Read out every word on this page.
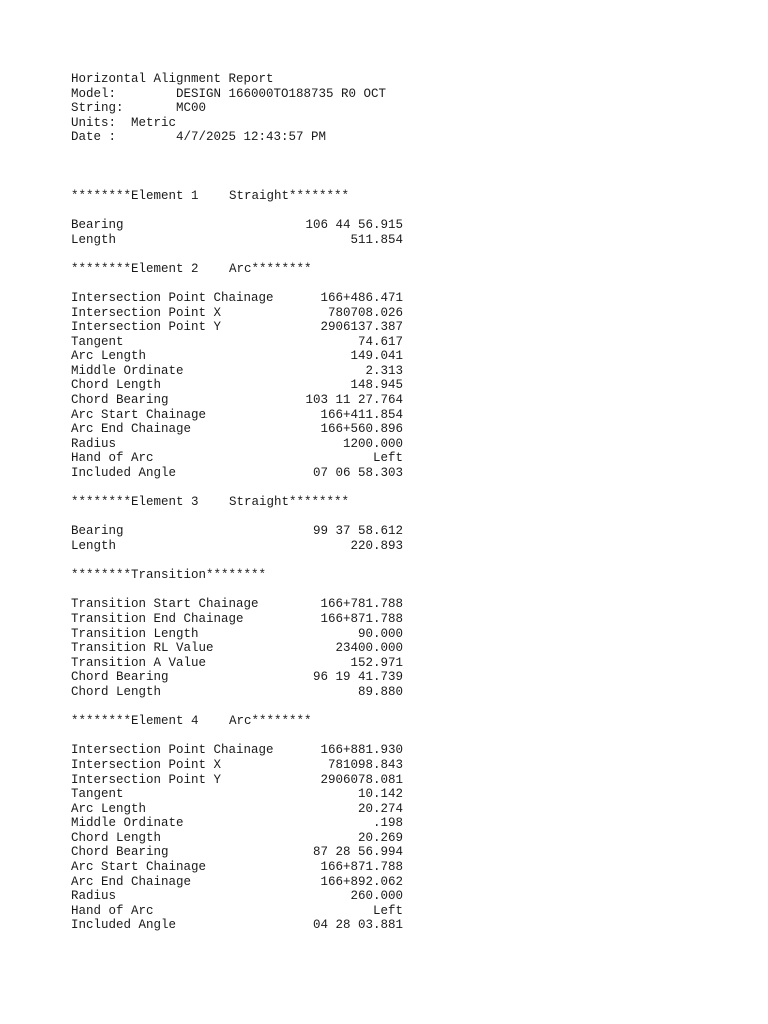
Horizontal Alignment Report
Model:	DESIGN 166000TO188735 R0 OCT
String:	MC00
Units: Metric
Date :	4/7/2025 12:43:57 PM
********Element 1 Straight********
Bearing	106 44 56.915
Length	511.854
********Element 2 Arc********
Intersection Point Chainage	166+486.471
Intersection Point X	780708.026
Intersection Point Y	2906137.387
Tangent	74.617
Arc Length	149.041
Middle Ordinate	2.313
Chord Length	148.945
Chord Bearing	103 11 27.764
Arc Start Chainage	166+411.854
Arc End Chainage	166+560.896
Radius	1200.000
Hand of Arc	Left
Included Angle	07 06 58.303
********Element 3 Straight********
Bearing	99 37 58.612
Length	220.893
********Transition********
Transition Start Chainage	166+781.788
Transition End Chainage	166+871.788
Transition Length	90.000
Transition RL Value	23400.000
Transition A Value	152.971
Chord Bearing	96 19 41.739
Chord Length	89.880
********Element 4 Arc********
Intersection Point Chainage	166+881.930
Intersection Point X	781098.843
Intersection Point Y	2906078.081
Tangent	10.142
Arc Length	20.274
Middle Ordinate	.198
Chord Length	20.269
Chord Bearing	87 28 56.994
Arc Start Chainage	166+871.788
Arc End Chainage	166+892.062
Radius	260.000
Hand of Arc	Left
Included Angle	04 28 03.881
